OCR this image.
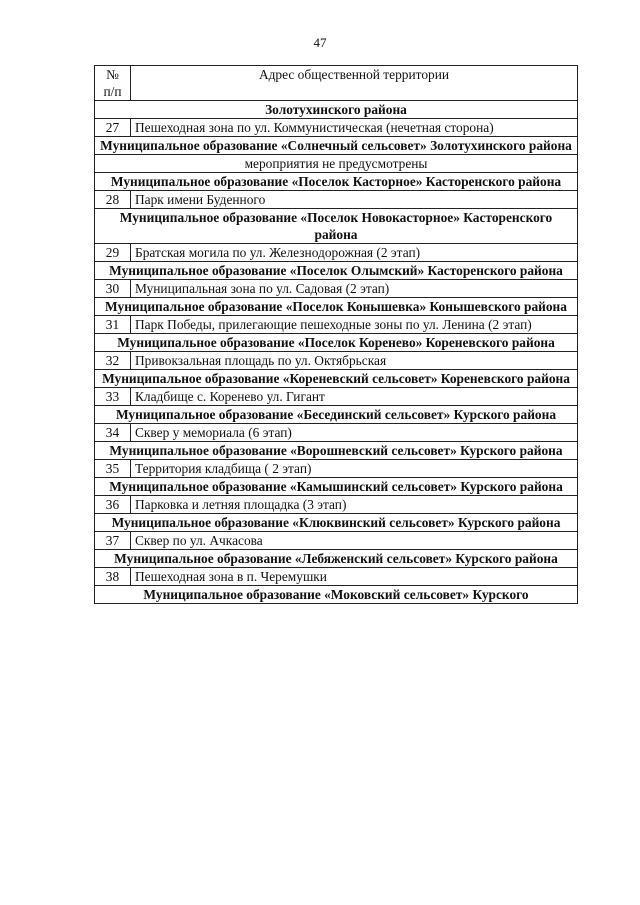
47
№
п/п	Адрес общественной территории
Золотухинского района	
27	Пешеходная зона по ул. Коммунистическая (нечетная сторона)
Муниципальное образование «Солнечный сельсовет» Золотухинского района	
мероприятия не предусмотрены	
Муниципальное образование «Поселок Касторное» Касторенского района	
28	Парк имени Буденного
Муниципальное образование «Поселок Новокасторное» Касторенского района	
29	Братская могила по ул. Железнодорожная (2 этап)
Муниципальное образование «Поселок Олымский» Касторенского района	
30	Муниципальная зона по ул. Садовая (2 этап)
Муниципальное образование «Поселок Конышевка» Конышевского района	
31	Парк Победы, прилегающие пешеходные зоны по ул. Ленина (2 этап)
Муниципальное образование «Поселок Коренево» Кореневского района	
32	Привокзальная площадь по ул. Октябрьская
Муниципальное образование «Кореневский сельсовет» Кореневского района	
33	Кладбище с. Коренево ул. Гигант
Муниципальное образование «Бесединский сельсовет» Курского района	
34	Сквер у мемориала (6 этап)
Муниципальное образование «Ворошневский сельсовет» Курского района	
35	Территория кладбища ( 2 этап)
Муниципальное образование «Камышинский сельсовет» Курского района	
36	Парковка и летняя площадка (3 этап)
Муниципальное образование «Клюквинский сельсовет» Курского района	
37	Сквер по ул. Ачкасова
Муниципальное образование «Лебяженский сельсовет» Курского района	
38	Пешеходная зона в п. Черемушки
Муниципальное образование «Моковский сельсовет» Курского	
